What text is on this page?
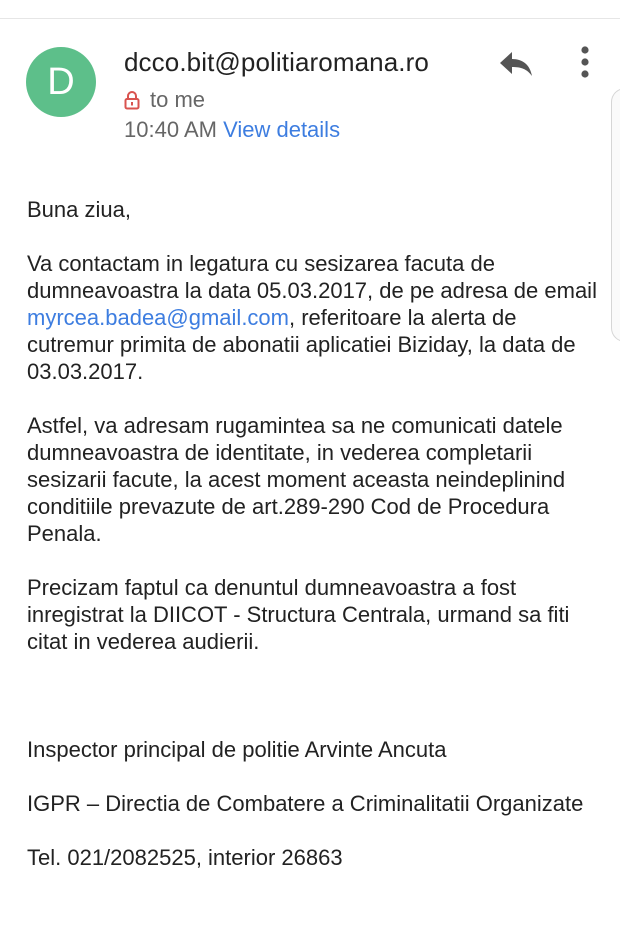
D	dcco.bit@politiaromana.ro
to me
10:40 AM View details

Buna ziua,

Va contactam in legatura cu sesizarea facuta de dumneavoastra la data 05.03.2017, de pe adresa de email myrcea.badea@gmail.com, referitoare la alerta de cutremur primita de abonatii aplicatiei Biziday, la data de 03.03.2017.

Astfel, va adresam rugamintea sa ne comunicati datele dumneavoastra de identitate, in vederea completarii sesizarii facute, la acest moment aceasta neindeplinind conditiile prevazute de art.289-290 Cod de Procedura Penala.

Precizam faptul ca denuntul dumneavoastra a fost inregistrat la DIICOT - Structura Centrala, urmand sa fiti citat in vederea audierii.

Inspector principal de politie Arvinte Ancuta

IGPR – Directia de Combatere a Criminalitatii Organizate

Tel. 021/2082525, interior 26863
